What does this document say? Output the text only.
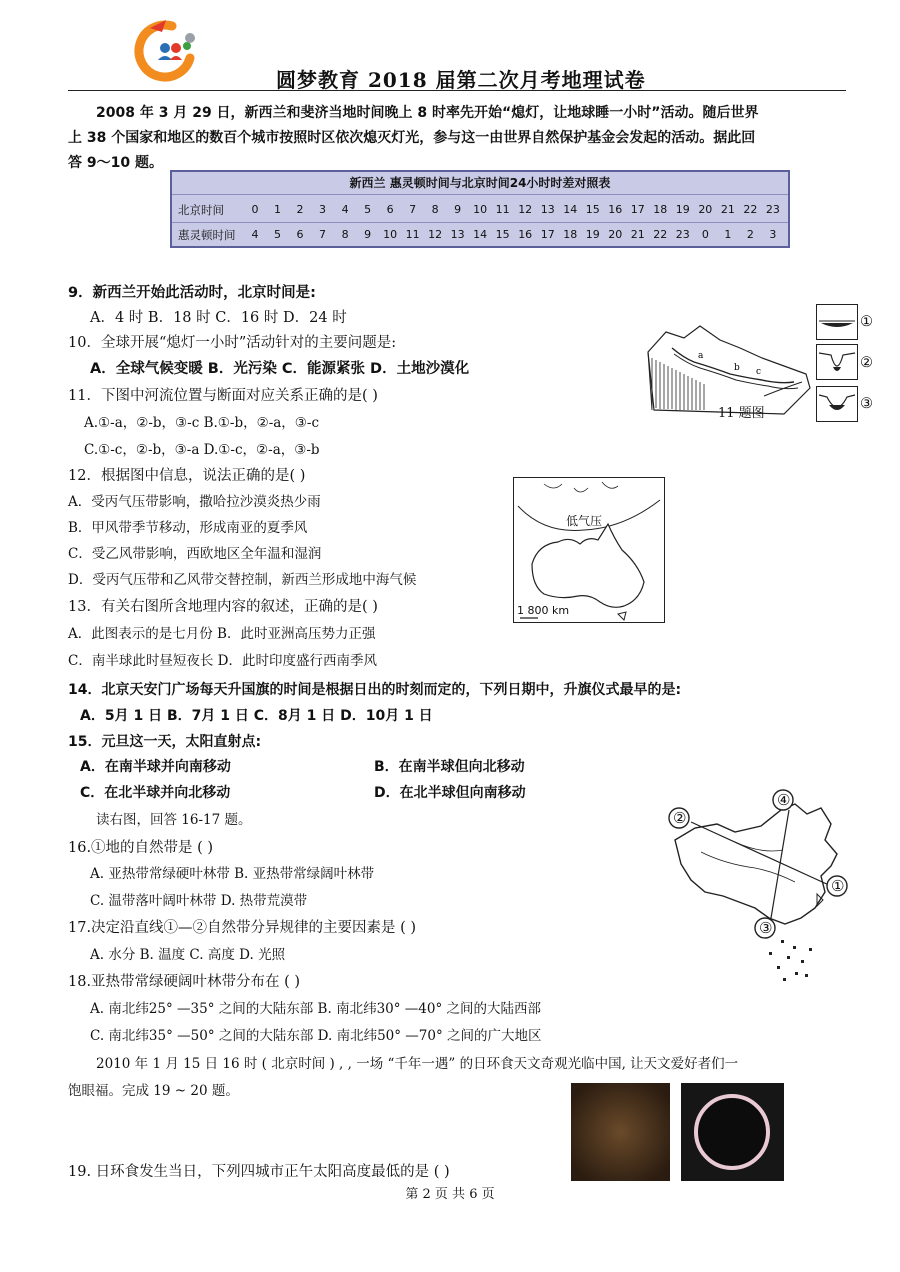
圆梦教育 2018 届第二次月考地理试卷
2008 年 3 月 29 日，新西兰和斐济当地时间晚上 8 时率先开始“熄灯，让地球睡一小时”活动。随后世界
上 38 个国家和地区的数百个城市按照时区依次熄灭灯光，参与这一由世界自然保护基金会发起的活动。据此回
答 9～10 题。
新西兰 惠灵顿时间与北京时间24小时时差对照表
北京时间	0	1	2	3	4	5	6	7	8	9	10 11 12 13 14 15 16 17 18 19 20 21 22 23
惠灵顿时间	4	5	6	7	8	9	10 11 12 13 14 15 16 17 18 19 20 21 22 23	0	1	2	3
9．新西兰开始此活动时，北京时间是:
A．4 时 B．18 时 C．16 时 D．24 时
10．全球开展“熄灯一小时”活动针对的主要问题是:
A．全球气候变暖 B．光污染 C．能源紧张 D．土地沙漠化
11．下图中河流位置与断面对应关系正确的是( )
A.①-a，②-b，③-c B.①-b，②-a，③-c
C.①-c，②-b，③-a D.①-c，②-a，③-b
a
b c
11 题图
①
②
③
12．根据图中信息，说法正确的是( )
A．受丙气压带影响，撒哈拉沙漠炎热少雨
B．甲风带季节移动，形成南亚的夏季风
C．受乙风带影响，西欧地区全年温和湿润
D．受丙气压带和乙风带交替控制，新西兰形成地中海气候
低气压
1 800 km
13．有关右图所含地理内容的叙述，正确的是( )
A．此图表示的是七月份 B．此时亚洲高压势力正强
C．南半球此时昼短夜长 D．此时印度盛行西南季风
14．北京天安门广场每天升国旗的时间是根据日出的时刻而定的，下列日期中，升旗仪式最早的是:
A．5月 1 日 B．7月 1 日 C．8月 1 日 D．10月 1 日
15．元旦这一天，太阳直射点:
A．在南半球并向南移动	B．在南半球但向北移动
C．在北半球并向北移动	D．在北半球但向南移动
读右图，回答 16-17 题。	②
④
①
③
16.①地的自然带是 ( )
A. 亚热带常绿硬叶林带 B. 亚热带常绿阔叶林带
C. 温带落叶阔叶林带 D. 热带荒漠带
17.决定沿直线①—②自然带分异规律的主要因素是 ( )
A. 水分 B. 温度 C. 高度 D. 光照
18.亚热带常绿硬阔叶林带分布在 ( )
A. 南北纬25° —35° 之间的大陆东部 B. 南北纬30° —40° 之间的大陆西部
C. 南北纬35° —50° 之间的大陆东部 D. 南北纬50° —70° 之间的广大地区
2010 年 1 月 15 日 16 时 ( 北京时间 ) , , 一场 “千年一遇” 的日环食天文奇观光临中国, 让天文爱好者们一
饱眼福。完成 19 ~ 20 题。
19. 日环食发生当日，下列四城市正午太阳高度最低的是 ( )
第 2 页 共 6 页
